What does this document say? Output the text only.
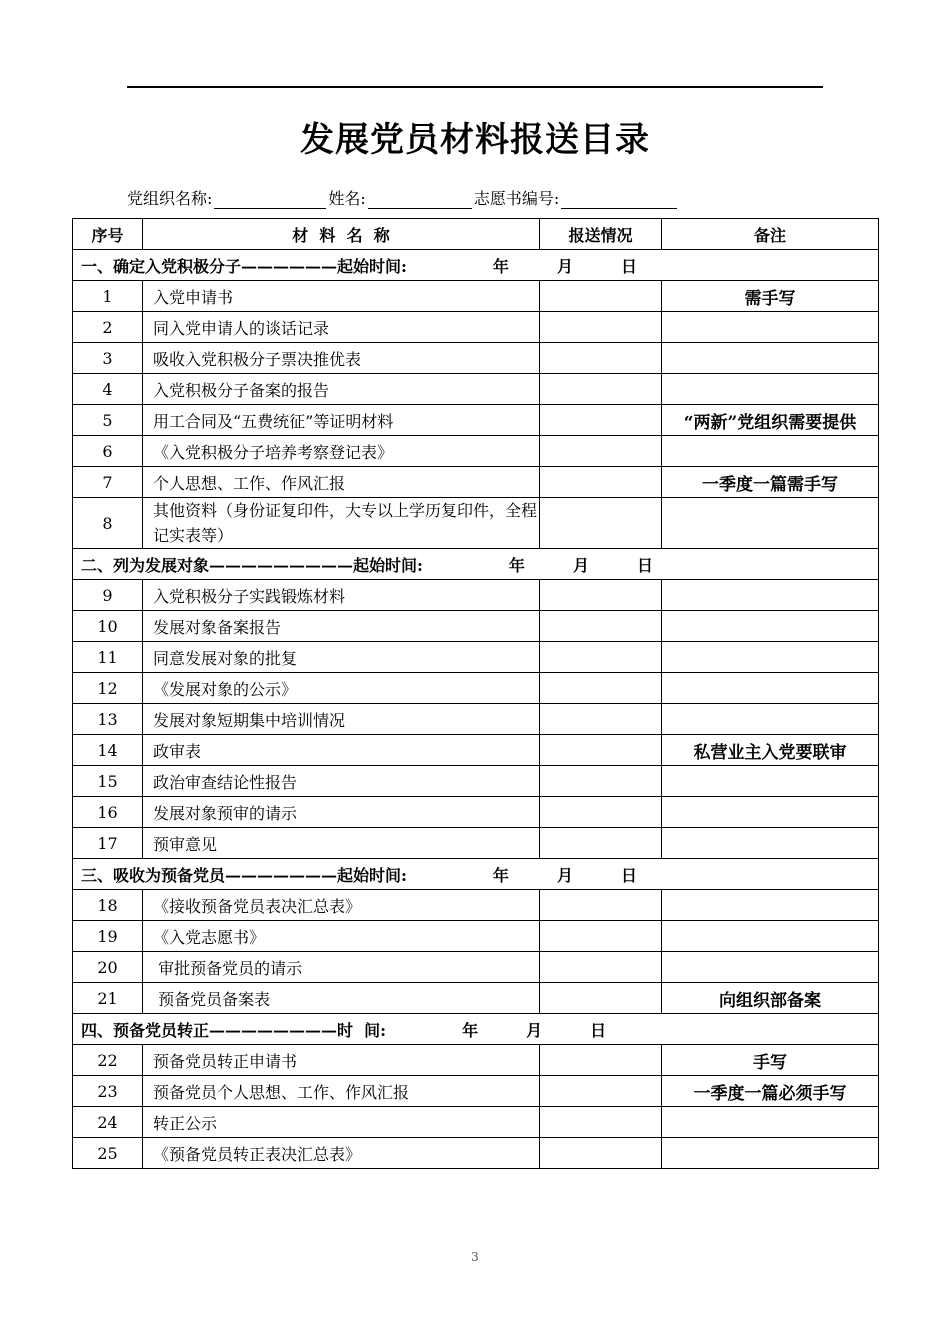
发展党员材料报送目录
党组织名称:	姓名:	志愿书编号:
序号	材  料  名  称	报送情况	备注
一、确定入党积极分子——————起始时间: 年 月 日			
1	入党申请书		需手写
2	同入党申请人的谈话记录		
3	吸收入党积极分子票决推优表		
4	入党积极分子备案的报告		
5	用工合同及“五费统征”等证明材料		“两新”党组织需要提供
6	《入党积极分子培养考察登记表》		
7	个人思想、工作、作风汇报		一季度一篇需手写
8	其他资料（身份证复印件，大专以上学历复印件，全程记实表等）		
二、列为发展对象—————————起始时间: 年 月 日			
9	入党积极分子实践锻炼材料		
10	发展对象备案报告		
11	同意发展对象的批复		
12	《发展对象的公示》		
13	发展对象短期集中培训情况		
14	政审表		私营业主入党要联审
15	政治审查结论性报告		
16	发展对象预审的请示		
17	预审意见		
三、吸收为预备党员———————起始时间: 年 月 日			
18	《接收预备党员表决汇总表》		
19	《入党志愿书》		
20	审批预备党员的请示		
21	预备党员备案表		向组织部备案
四、预备党员转正————————时  间: 年 月 日			
22	预备党员转正申请书		手写
23	预备党员个人思想、工作、作风汇报		一季度一篇必须手写
24	转正公示		
25	《预备党员转正表决汇总表》		
3
